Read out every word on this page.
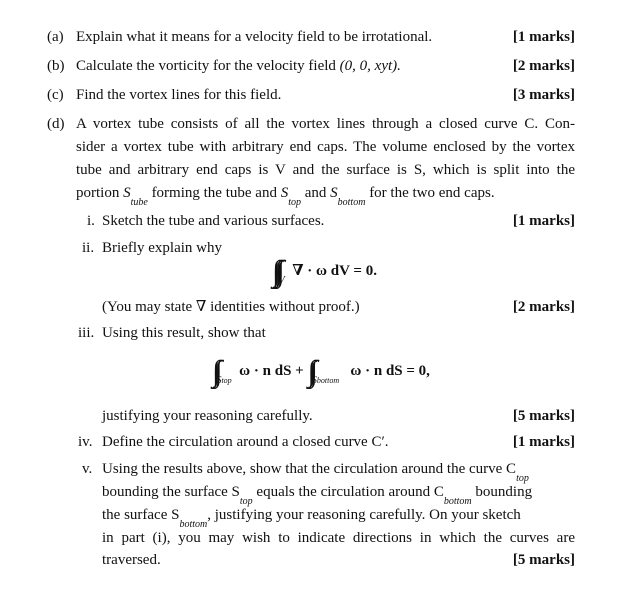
(a) Explain what it means for a velocity field to be irrotational.	[1 marks]
(b) Calculate the vorticity for the velocity field (0, 0, xyt).	[2 marks]
(c) Find the vortex lines for this field.	[3 marks]
(d) A vortex tube consists of all the vortex lines through a closed curve C. Con-
sider a vortex tube with arbitrary end caps. The volume enclosed by the vortex
tube and arbitrary end caps is V and the surface is S, which is split into the
portion $S_{tube}$ forming the tube and $S_{top}$ and $S_{bottom}$ for the two end caps.
i. Sketch the tube and various surfaces.	[1 marks]
ii. Briefly explain why
$\int\int\int_V$  ∇ · ω dV = 0.
(You may state ∇ identities without proof.)	[2 marks]
iii. Using this result, show that
$\int\int_{Stop}$  ω · n dS + $\int\int_{Sbottom}$   ω · n dS = 0,
justifying your reasoning carefully.	[5 marks]
iv. Define the circulation around a closed curve C′.	[1 marks]
v. Using the results above, show that the circulation around the curve $C_{top}$
bounding the surface $S_{top}$ equals the circulation around $C_{bottom}$ bounding
the surface $S_{bottom}$, justifying your reasoning carefully. On your sketch
in part (i), you may wish to indicate directions in which the curves are
traversed.	[5 marks]
